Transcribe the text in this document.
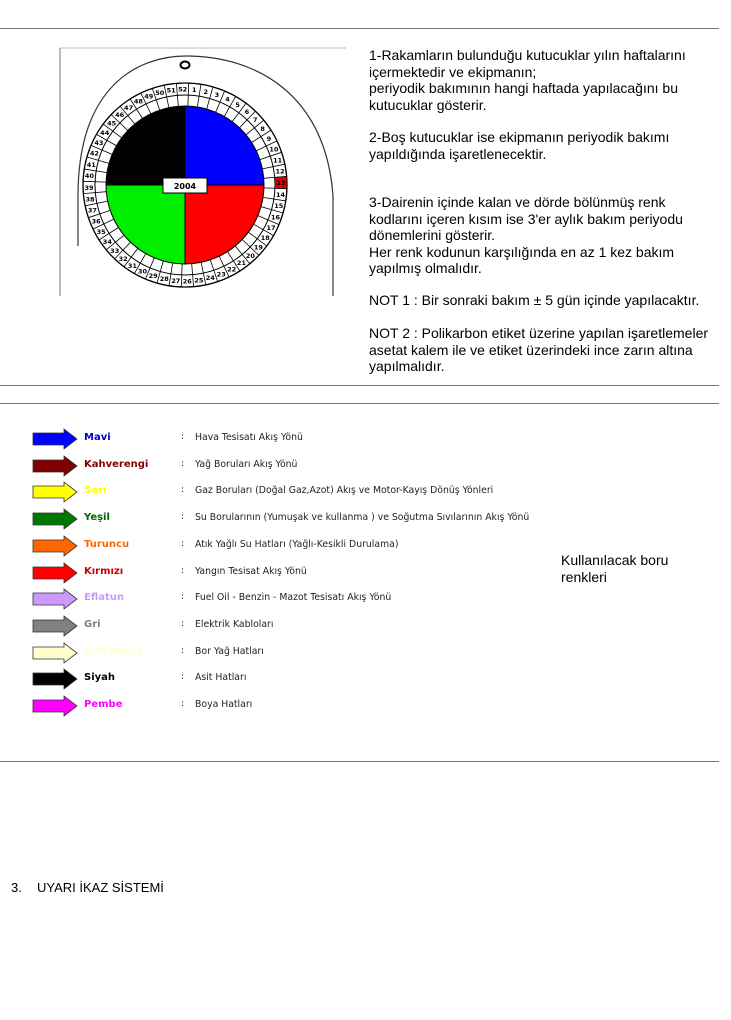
1 2 3
4
5
6
7
8
9
10
11
12
13
14
15
16
17
18
19
20
21
22
23
24
25
26
27
28
29
30
31
32
33
34
35
36
37
38
39
40
41
42
43
44
45
46
47
48
49 50 51 52
2004

1-Rakamların bulunduğu kutucuklar yılın haftalarını içermektedir ve ekipmanın;

periyodik bakımının hangi haftada yapılacağını bu kutucuklar gösterir.

2-Boş kutucuklar ise ekipmanın periyodik bakımı yapıldığında işaretlenecektir.

3-Dairenin içinde kalan ve dörde bölünmüş renk kodlarını içeren kısım ise 3'er aylık bakım periyodu dönemlerini gösterir.

Her renk kodunun karşılığında en az 1 kez bakım yapılmış olmalıdır.

NOT 1 : Bir sonraki bakım ± 5 gün içinde yapılacaktır.

NOT 2 : Polikarbon etiket üzerine yapılan işaretlemeler asetat kalem ile ve etiket üzerindeki ince zarın altına yapılmalıdır.

Mavi	: Hava Tesisatı Akış Yönü
Kahverengi	: Yağ Boruları Akış Yönü
Sarı	: Gaz Boruları (Doğal Gaz,Azot) Akış ve Motor-Kayış Dönüş Yönleri
Yeşil	: Su Borularının (Yumuşak ve kullanma ) ve Soğutma Sıvılarının Akış Yönü
Turuncu	: Atık Yağlı Su Hatları (Yağlı-Kesikli Durulama)
Kırmızı	: Yangın Tesisat Akış Yönü
Eflatun	: Fuel Oil - Benzin - Mazot Tesisatı Akış Yönü
Gri	: Elektrik Kabloları
Bufl Beyaz	: Bor Yağ Hatları
Siyah	: Asit Hatları
Pembe	: Boya Hatları
Kullanılacak boru renkleri
3. UYARI İKAZ SİSTEMİ
